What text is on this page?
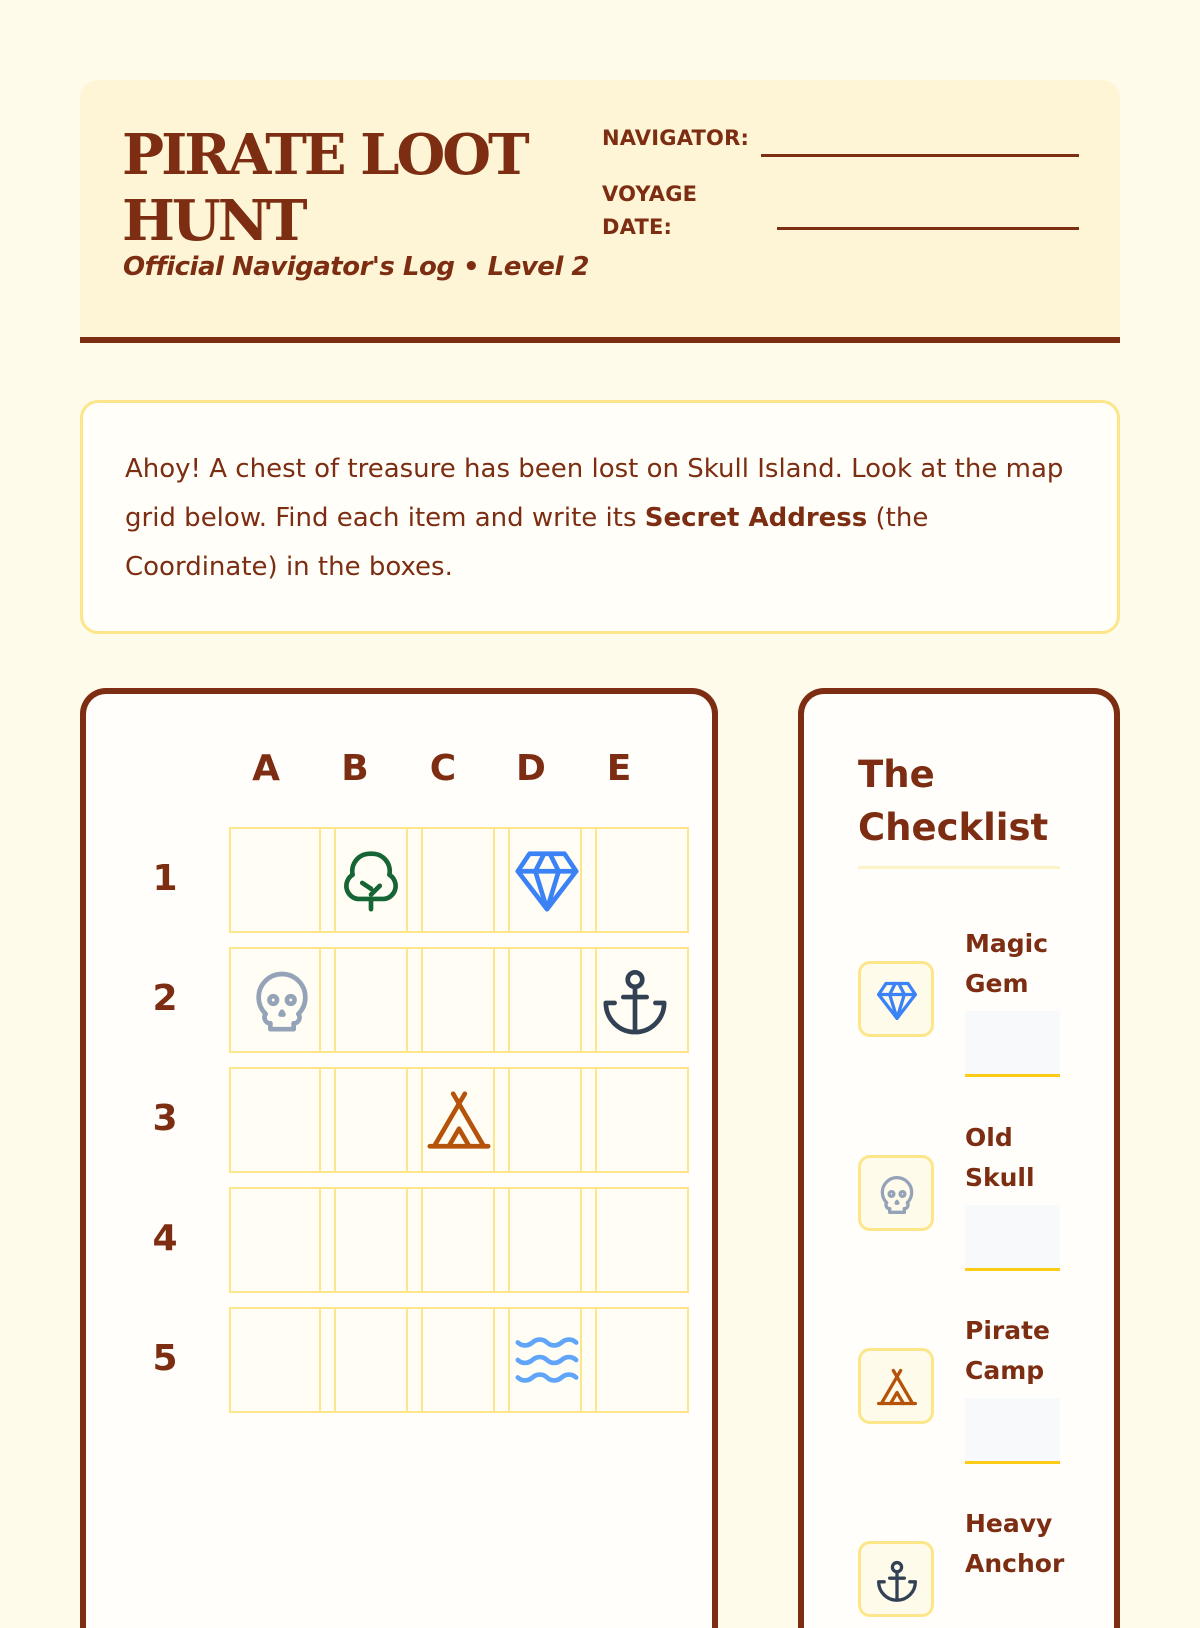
PIRATE LOOT HUNT
Official Navigator's Log • Level 2
NAVIGATOR:
VOYAGE
DATE:
Ahoy! A chest of treasure has been lost on Skull Island. Look at the map grid below. Find each item and write its Secret Address (the Coordinate) in the boxes.
A B C D E
1
2
3
4
5
The
Checklist
Magic
Gem
Old
Skull
Pirate
Camp
Heavy
Anchor
